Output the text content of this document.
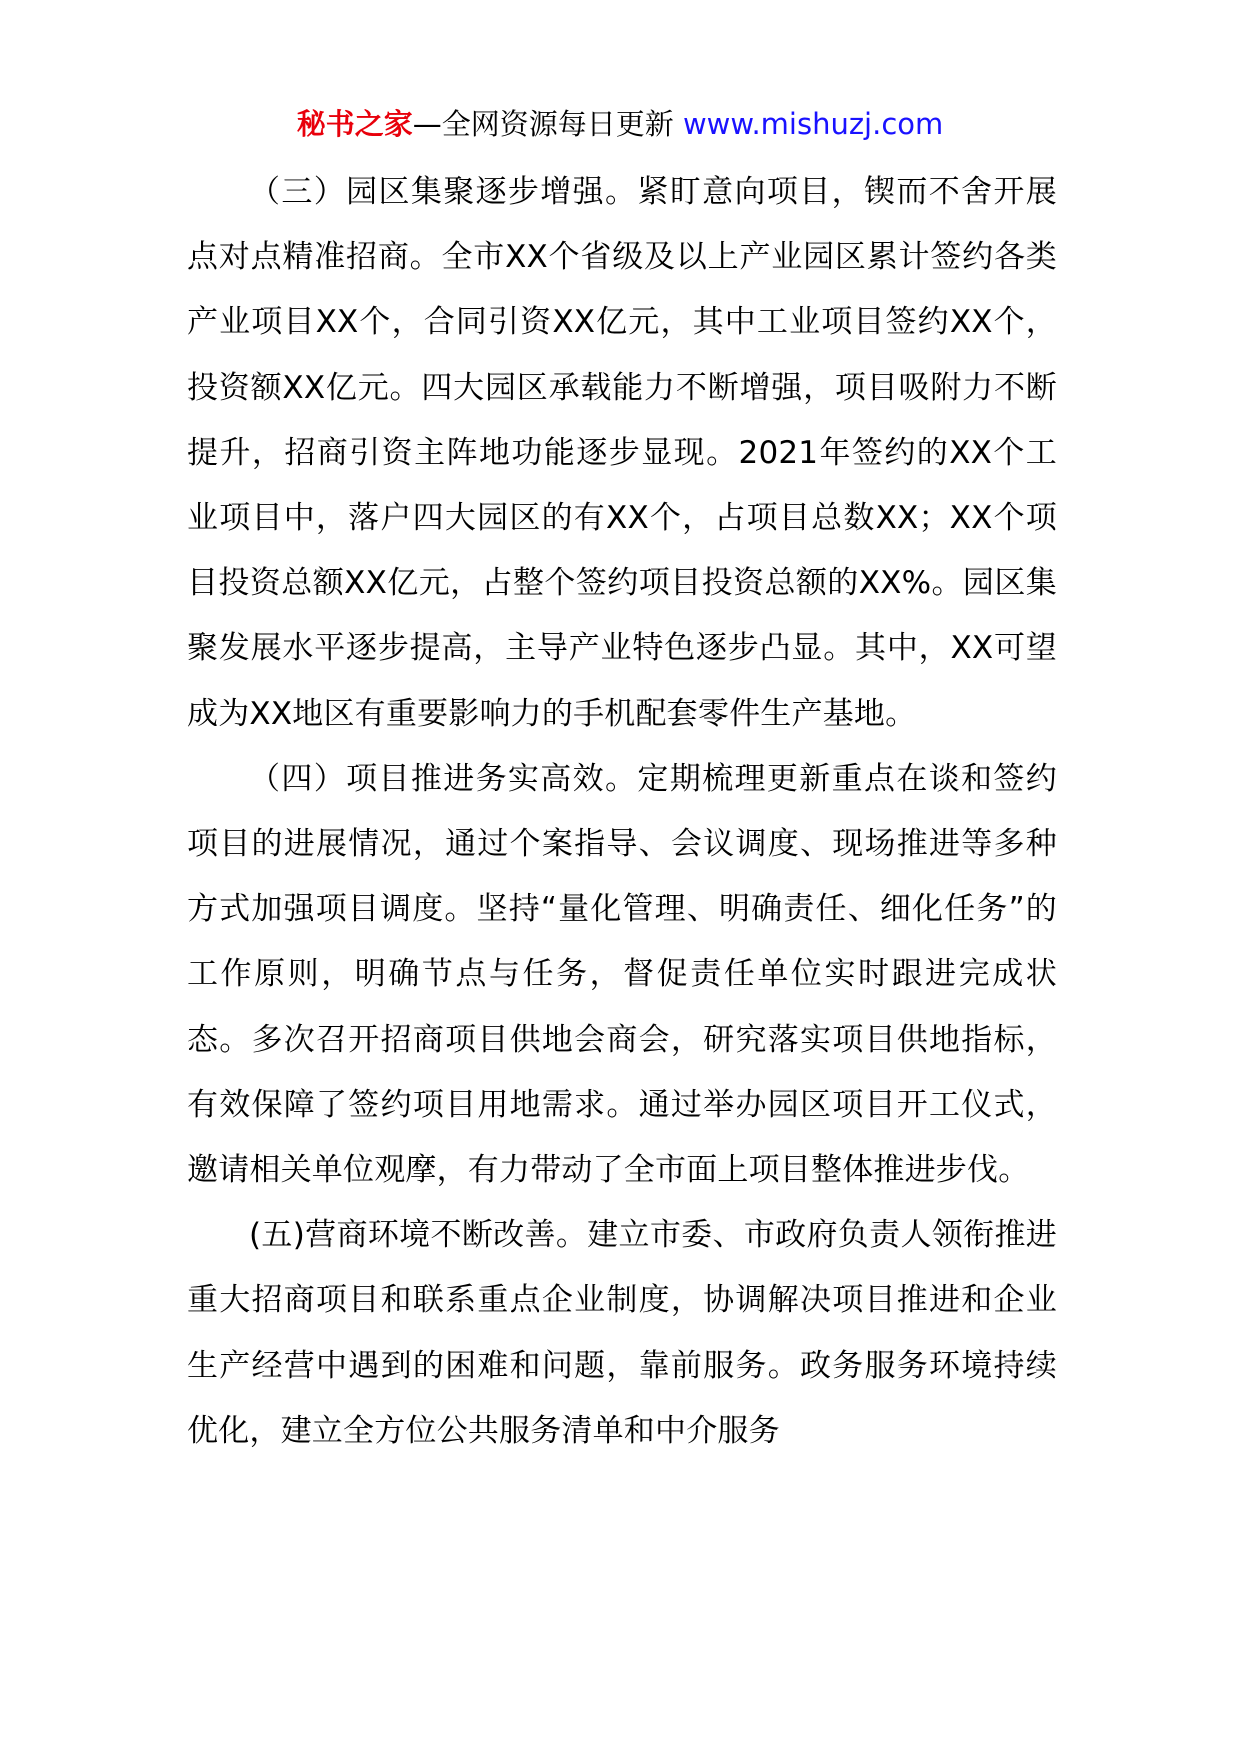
秘书之家—全网资源每日更新 www.mishuzj.com

（三）园区集聚逐步增强。紧盯意向项目，锲而不舍开展点对点精准招商。全市XX个省级及以上产业园区累计签约各类产业项目XX个，合同引资XX亿元，其中工业项目签约XX个，投资额XX亿元。四大园区承载能力不断增强，项目吸附力不断提升，招商引资主阵地功能逐步显现。2021年签约的XX个工业项目中，落户四大园区的有XX个，占项目总数XX；XX个项目投资总额XX亿元，占整个签约项目投资总额的XX%。园区集聚发展水平逐步提高，主导产业特色逐步凸显。其中，XX可望成为XX地区有重要影响力的手机配套零件生产基地。

（四）项目推进务实高效。定期梳理更新重点在谈和签约项目的进展情况，通过个案指导、会议调度、现场推进等多种方式加强项目调度。坚持“量化管理、明确责任、细化任务”的工作原则，明确节点与任务，督促责任单位实时跟进完成状态。多次召开招商项目供地会商会，研究落实项目供地指标，有效保障了签约项目用地需求。通过举办园区项目开工仪式，邀请相关单位观摩，有力带动了全市面上项目整体推进步伐。

(五)营商环境不断改善。建立市委、市政府负责人领衔推进重大招商项目和联系重点企业制度，协调解决项目推进和企业生产经营中遇到的困难和问题，靠前服务。政务服务环境持续优化，建立全方位公共服务清单和中介服务
